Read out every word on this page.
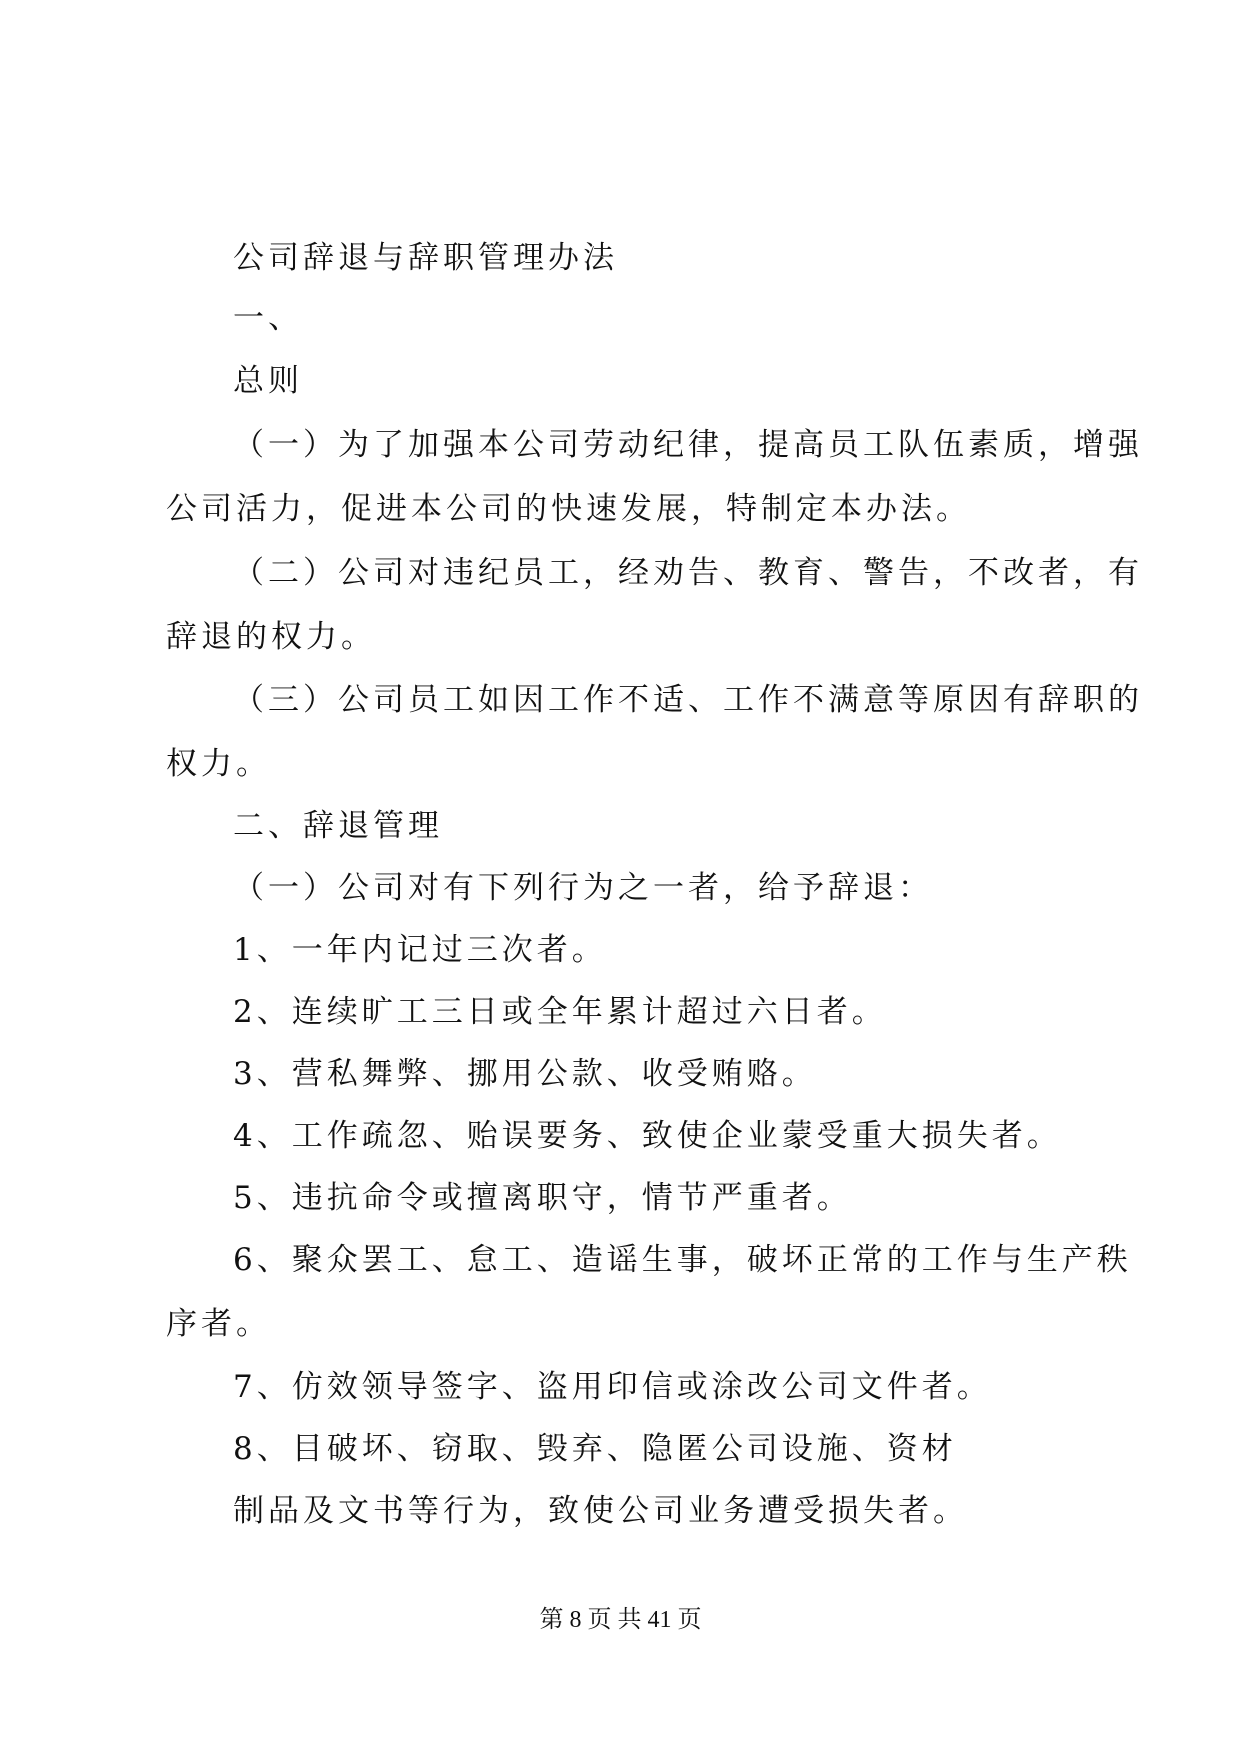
公司辞退与辞职管理办法
一、
总则
（一）为了加强本公司劳动纪律，提高员工队伍素质，增强
公司活力，促进本公司的快速发展，特制定本办法。
（二）公司对违纪员工，经劝告、教育、警告，不改者，有
辞退的权力。
（三）公司员工如因工作不适、工作不满意等原因有辞职的
权力。
二、辞退管理
（一）公司对有下列行为之一者，给予辞退：
1、一年内记过三次者。
2、连续旷工三日或全年累计超过六日者。
3、营私舞弊、挪用公款、收受贿赂。
4、工作疏忽、贻误要务、致使企业蒙受重大损失者。
5、违抗命令或擅离职守，情节严重者。
6、聚众罢工、怠工、造谣生事，破坏正常的工作与生产秩
序者。
7、仿效领导签字、盗用印信或涂改公司文件者。
8、目破坏、窃取、毁弃、隐匿公司设施、资材
制品及文书等行为，致使公司业务遭受损失者。
第 8 页 共 41 页
